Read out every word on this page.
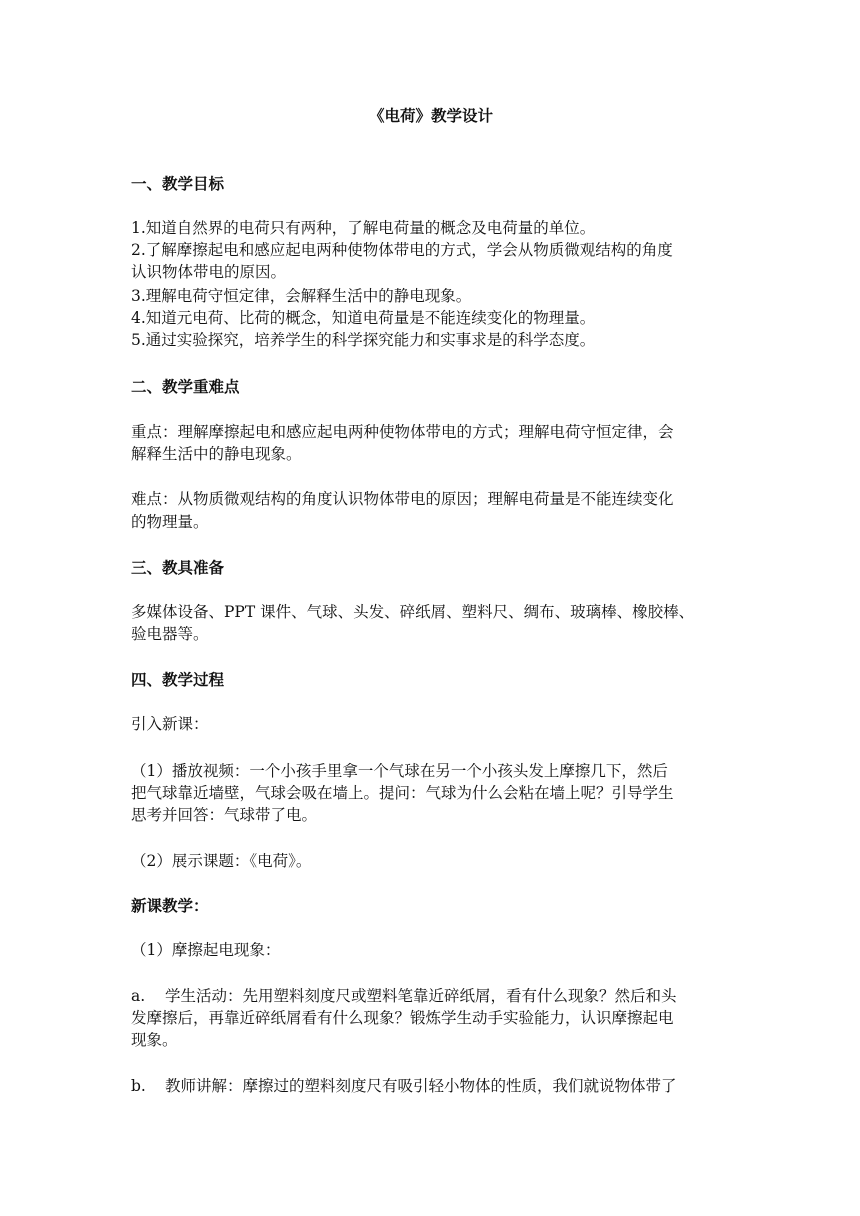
《电荷》教学设计
一、教学目标
1.知道自然界的电荷只有两种，了解电荷量的概念及电荷量的单位。
2.了解摩擦起电和感应起电两种使物体带电的方式，学会从物质微观结构的角度
认识物体带电的原因。
3.理解电荷守恒定律，会解释生活中的静电现象。
4.知道元电荷、比荷的概念，知道电荷量是不能连续变化的物理量。
5.通过实验探究，培养学生的科学探究能力和实事求是的科学态度。
二、教学重难点
重点：理解摩擦起电和感应起电两种使物体带电的方式；理解电荷守恒定律，会
解释生活中的静电现象。
难点：从物质微观结构的角度认识物体带电的原因；理解电荷量是不能连续变化
的物理量。
三、教具准备
多媒体设备、PPT 课件、气球、头发、碎纸屑、塑料尺、绸布、玻璃棒、橡胶棒、
验电器等。
四、教学过程
引入新课：
（1）播放视频：一个小孩手里拿一个气球在另一个小孩头发上摩擦几下，然后
把气球靠近墙壁，气球会吸在墙上。提问：气球为什么会粘在墙上呢？引导学生
思考并回答：气球带了电。
（2）展示课题：《电荷》。
新课教学：
（1）摩擦起电现象：
a. 学生活动：先用塑料刻度尺或塑料笔靠近碎纸屑，看有什么现象？然后和头
发摩擦后，再靠近碎纸屑看有什么现象？锻炼学生动手实验能力，认识摩擦起电
现象。
b. 教师讲解：摩擦过的塑料刻度尺有吸引轻小物体的性质，我们就说物体带了
